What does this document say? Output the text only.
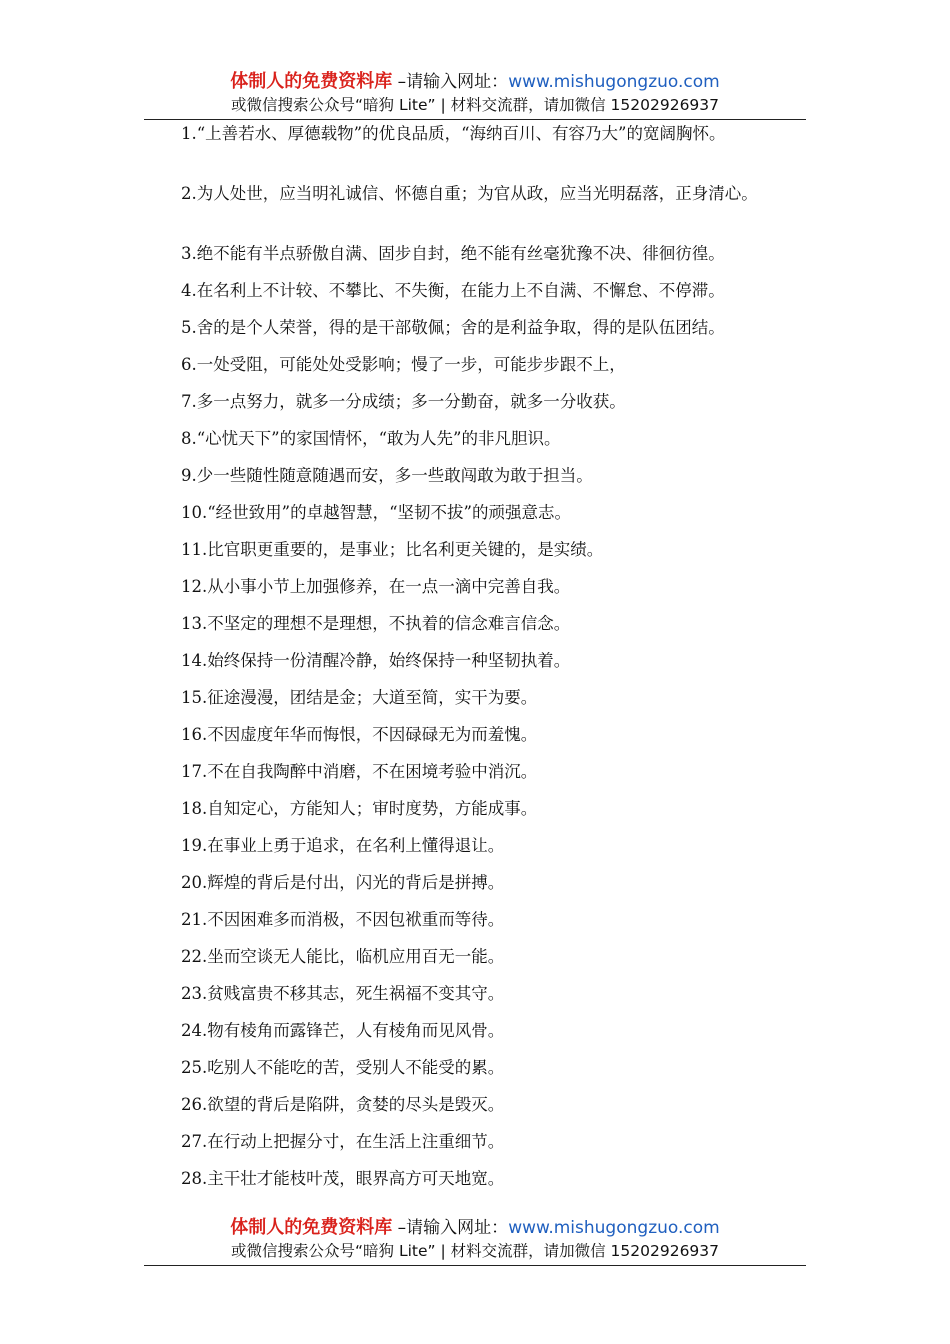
体制人的免费资料库 –请输入网址：www.mishugongzuo.com
或微信搜索公众号“暗狗 Lite” | 材料交流群，请加微信 15202926937

1.“上善若水、厚德载物”的优良品质，“海纳百川、有容乃大”的宽阔胸怀。

2.为人处世，应当明礼诚信、怀德自重；为官从政，应当光明磊落，正身清心。

3.绝不能有半点骄傲自满、固步自封，绝不能有丝毫犹豫不决、徘徊彷徨。

4.在名利上不计较、不攀比、不失衡，在能力上不自满、不懈怠、不停滞。

5.舍的是个人荣誉，得的是干部敬佩；舍的是利益争取，得的是队伍团结。

6.一处受阻，可能处处受影响；慢了一步，可能步步跟不上，

7.多一点努力，就多一分成绩；多一分勤奋，就多一分收获。

8.“心忧天下”的家国情怀，“敢为人先”的非凡胆识。

9.少一些随性随意随遇而安，多一些敢闯敢为敢于担当。

10.“经世致用”的卓越智慧，“坚韧不拔”的顽强意志。

11.比官职更重要的，是事业；比名利更关键的，是实绩。

12.从小事小节上加强修养，在一点一滴中完善自我。

13.不坚定的理想不是理想，不执着的信念难言信念。

14.始终保持一份清醒冷静，始终保持一种坚韧执着。

15.征途漫漫，团结是金；大道至简，实干为要。

16.不因虚度年华而悔恨，不因碌碌无为而羞愧。

17.不在自我陶醉中消磨，不在困境考验中消沉。

18.自知定心，方能知人；审时度势，方能成事。

19.在事业上勇于追求，在名利上懂得退让。

20.辉煌的背后是付出，闪光的背后是拼搏。

21.不因困难多而消极，不因包袱重而等待。

22.坐而空谈无人能比，临机应用百无一能。

23.贫贱富贵不移其志，死生祸福不变其守。

24.物有棱角而露锋芒，人有棱角而见风骨。

25.吃别人不能吃的苦，受别人不能受的累。

26.欲望的背后是陷阱，贪婪的尽头是毁灭。

27.在行动上把握分寸，在生活上注重细节。

28.主干壮才能枝叶茂，眼界高方可天地宽。

体制人的免费资料库 –请输入网址：www.mishugongzuo.com
或微信搜索公众号“暗狗 Lite” | 材料交流群，请加微信 15202926937
